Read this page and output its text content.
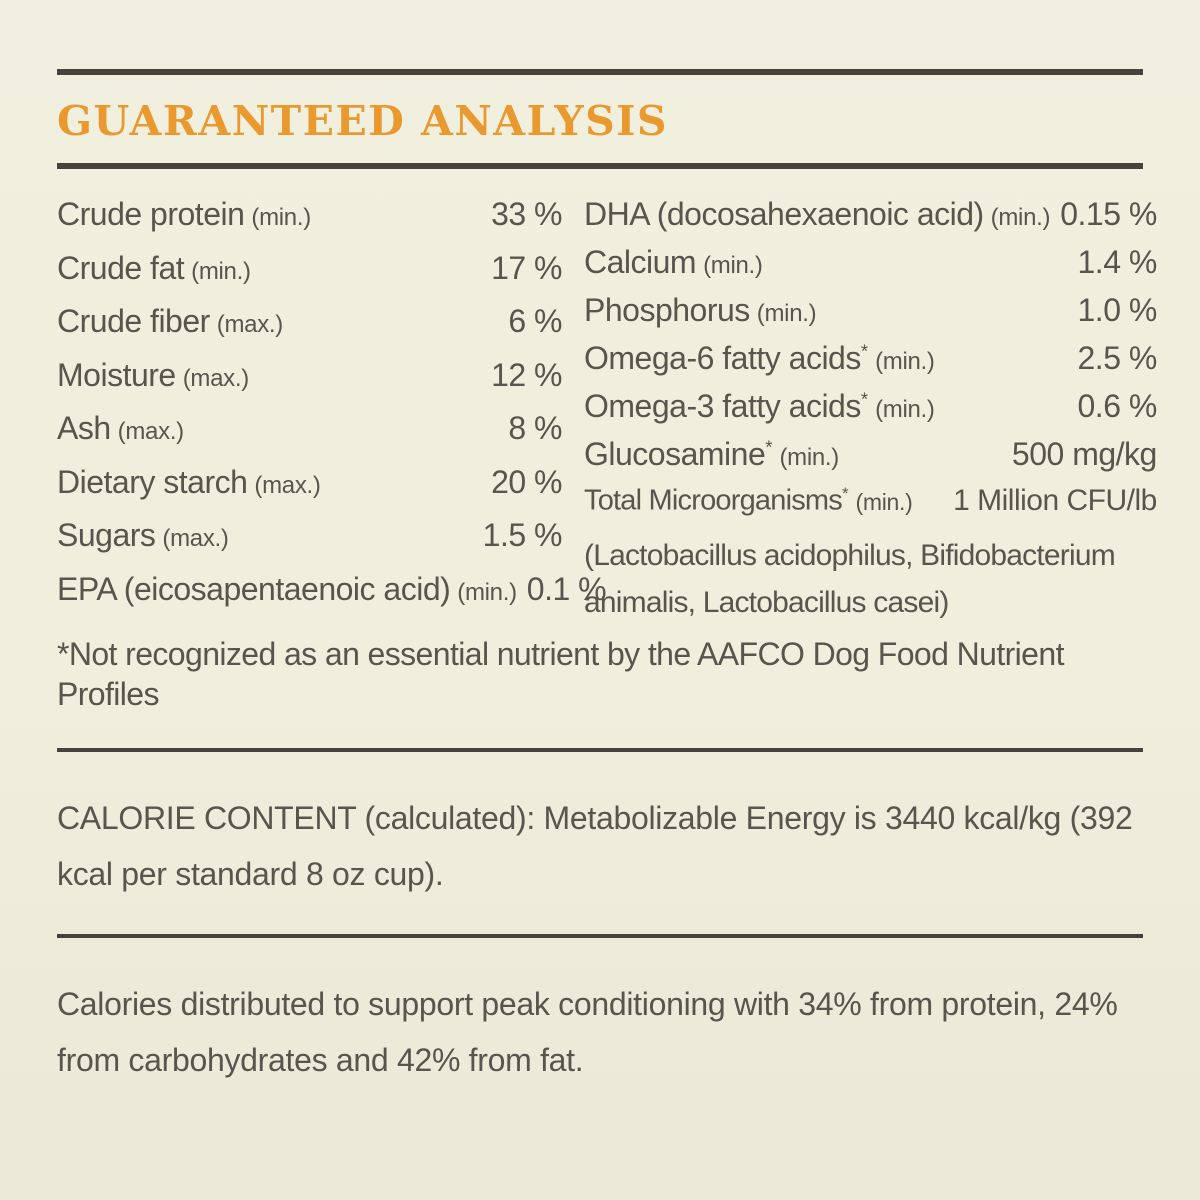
GUARANTEED ANALYSIS
Crude protein (min.)	33 %
Crude fat (min.)	17 %
Crude fiber (max.)	6 %
Moisture (max.)	12 %
Ash (max.)	8 %
Dietary starch (max.)	20 %
Sugars (max.)	1.5 %
EPA (eicosapentaenoic acid) (min.) 0.1 %
DHA (docosahexaenoic acid) (min.) 0.15 %
Calcium (min.)	1.4 %
Phosphorus (min.)	1.0 %
Omega-6 fatty acids* (min.)	2.5 %
Omega-3 fatty acids* (min.)	0.6 %
Glucosamine* (min.)	500 mg/kg
Total Microorganisms* (min.)	1 Million CFU/lb
(Lactobacillus acidophilus, Bifidobacterium animalis, Lactobacillus casei)

*Not recognized as an essential nutrient by the AAFCO Dog Food Nutrient Profiles

CALORIE CONTENT (calculated): Metabolizable Energy is 3440 kcal/kg (392 kcal per standard 8 oz cup).

Calories distributed to support peak conditioning with 34% from protein, 24% from carbohydrates and 42% from fat.
